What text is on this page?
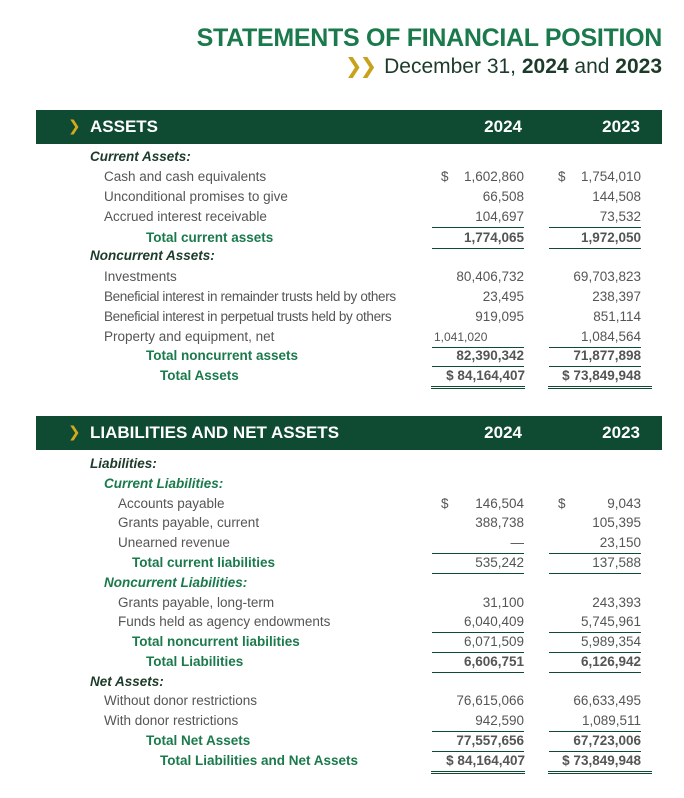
STATEMENTS OF FINANCIAL POSITION
❯❯ December 31, 2024 and 2023
❯ ASSETS	2024	2023
Current Assets:
Cash and cash equivalents	$ 1,602,860	$ 1,754,010
Unconditional promises to give	66,508	144,508
Accrued interest receivable	104,697	73,532
Total current assets	1,774,065	1,972,050
Noncurrent Assets:
Investments	80,406,732	69,703,823
Beneficial interest in remainder trusts held by others	23,495	238,397
Beneficial interest in perpetual trusts held by others	919,095	851,114
Property and equipment, net	1,041,020	1,084,564
Total noncurrent assets	82,390,342	71,877,898
Total Assets	$ 84,164,407	$ 73,849,948
❯ LIABILITIES AND NET ASSETS	2024	2023
Liabilities:
Current Liabilities:
Accounts payable	$ 146,504	$	9,043
Grants payable, current	388,738	105,395
Unearned revenue	—	23,150
Total current liabilities	535,242	137,588
Noncurrent Liabilities:
Grants payable, long-term	31,100	243,393
Funds held as agency endowments	6,040,409	5,745,961
Total noncurrent liabilities	6,071,509	5,989,354
Total Liabilities	6,606,751	6,126,942
Net Assets:
Without donor restrictions	76,615,066	66,633,495
With donor restrictions	942,590	1,089,511
Total Net Assets	77,557,656	67,723,006
Total Liabilities and Net Assets	$ 84,164,407	$ 73,849,948
